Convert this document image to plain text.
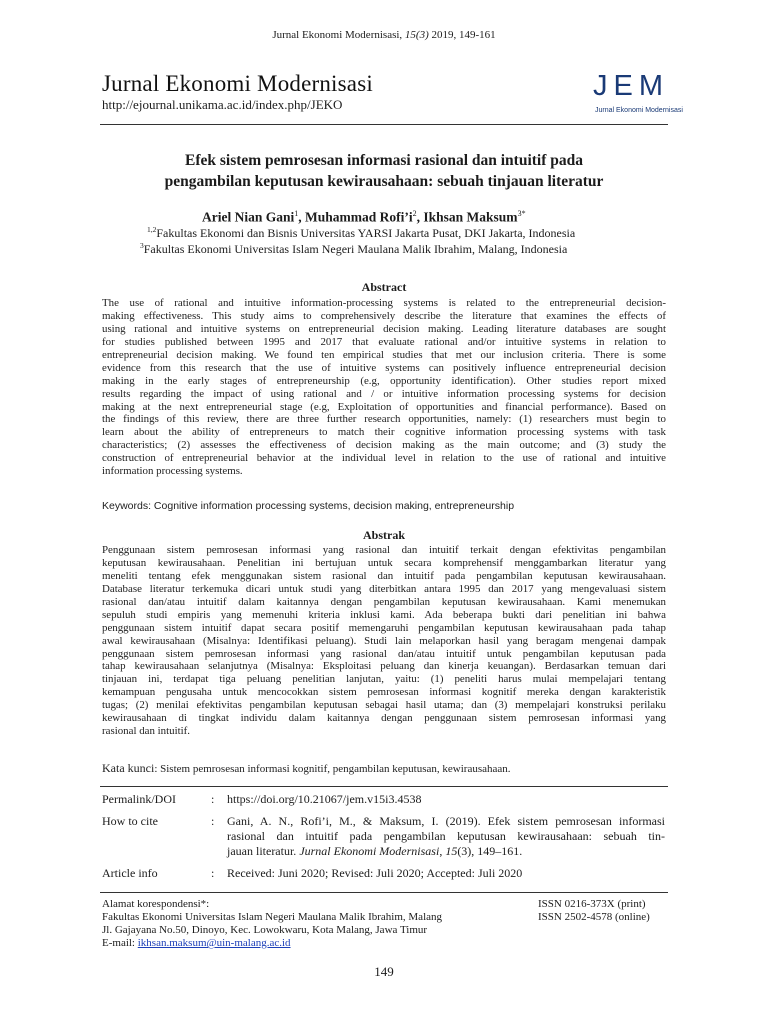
Jurnal Ekonomi Modernisasi, 15(3) 2019, 149-161
Jurnal Ekonomi Modernisasi
http://ejournal.unikama.ac.id/index.php/JEKO
JEM
Jurnal Ekonomi Modernisasi
Efek sistem pemrosesan informasi rasional dan intuitif pada
pengambilan keputusan kewirausahaan: sebuah tinjauan literatur
Ariel Nian Gani$^1$, Muhammad $Rofi’i^2$, Ikhsan Maksum$^{3*}$
$^{1,2}$Fakultas Ekonomi dan Bisnis Universitas YARSI Jakarta Pusat, DKI Jakarta, Indonesia
$^3$Fakultas Ekonomi Universitas Islam Negeri Maulana Malik Ibrahim, Malang, Indonesia
Abstract
The use of rational and intuitive information-processing systems is related to the entrepreneurial decision-
making effectiveness. This study aims to comprehensively describe the literature that examines the effects of
using rational and intuitive systems on entrepreneurial decision making. Leading literature databases are sought
for studies published between 1995 and 2017 that evaluate rational and/or intuitive systems in relation to
entrepreneurial decision making. We found ten empirical studies that met our inclusion criteria. There is some
evidence from this research that the use of intuitive systems can positively influence entrepreneurial decision
making in the early stages of entrepreneurship (e.g, opportunity identification). Other studies report mixed
results regarding the impact of using rational and / or intuitive information processing systems for decision
making at the next entrepreneurial stage (e.g, Exploitation of opportunities and financial performance). Based on
the findings of this review, there are three further research opportunities, namely: (1) researchers must begin to
learn about the ability of entrepreneurs to match their cognitive information processing systems with task
characteristics; (2) assesses the effectiveness of decision making as the main outcome; and (3) study the
construction of entrepreneurial behavior at the individual level in relation to the use of rational and intuitive
information processing systems.
Keywords: Cognitive information processing systems, decision making, entrepreneurship
Abstrak
Penggunaan sistem pemrosesan informasi yang rasional dan intuitif terkait dengan efektivitas pengambilan
keputusan kewirausahaan. Penelitian ini bertujuan untuk secara komprehensif menggambarkan literatur yang
meneliti tentang efek menggunakan sistem rasional dan intuitif pada pengambilan keputusan kewirausahaan.
Database literatur terkemuka dicari untuk studi yang diterbitkan antara 1995 dan 2017 yang mengevaluasi sistem
rasional dan/atau intuitif dalam kaitannya dengan pengambilan keputusan kewirausahaan. Kami menemukan
sepuluh studi empiris yang memenuhi kriteria inklusi kami. Ada beberapa bukti dari penelitian ini bahwa
penggunaan sistem intuitif dapat secara positif memengaruhi pengambilan keputusan kewirausahaan pada tahap
awal kewirausahaan (Misalnya: Identifikasi peluang). Studi lain melaporkan hasil yang beragam mengenai dampak
penggunaan sistem pemrosesan informasi yang rasional dan/atau intuitif untuk pengambilan keputusan pada
tahap kewirausahaan selanjutnya (Misalnya: Eksploitasi peluang dan kinerja keuangan). Berdasarkan temuan dari
tinjauan ini, terdapat tiga peluang penelitian lanjutan, yaitu: (1) peneliti harus mulai mempelajari tentang
kemampuan pengusaha untuk mencocokkan sistem pemrosesan informasi kognitif mereka dengan karakteristik
tugas; (2) menilai efektivitas pengambilan keputusan sebagai hasil utama; dan (3) mempelajari konstruksi perilaku
kewirausahaan di tingkat individu dalam kaitannya dengan penggunaan sistem pemrosesan informasi yang
rasional dan intuitif.
Kata kunci: Sistem pemrosesan informasi kognitif, pengambilan keputusan, kewirausahaan.
Permalink/DOI	: https://doi.org/10.21067/jem.v15i3.4538
How to cite	: Gani, A. N., Rofi’i, M., & Maksum, I. (2019). Efek sistem pemrosesan informasi
rasional dan intuitif pada pengambilan keputusan kewirausahaan: sebuah tin-
jauan literatur. Jurnal Ekonomi Modernisasi, 15(3), 149–161.
Article info	: Received: Juni 2020; Revised: Juli 2020; Accepted: Juli 2020
Alamat korespondensi*:
Fakultas Ekonomi Universitas Islam Negeri Maulana Malik Ibrahim, Malang
Jl. Gajayana No.50, Dinoyo, Kec. Lowokwaru, Kota Malang, Jawa Timur
E-mail: ikhsan.maksum@uin-malang.ac.id
ISSN 0216-373X (print)
ISSN 2502-4578 (online)
149
